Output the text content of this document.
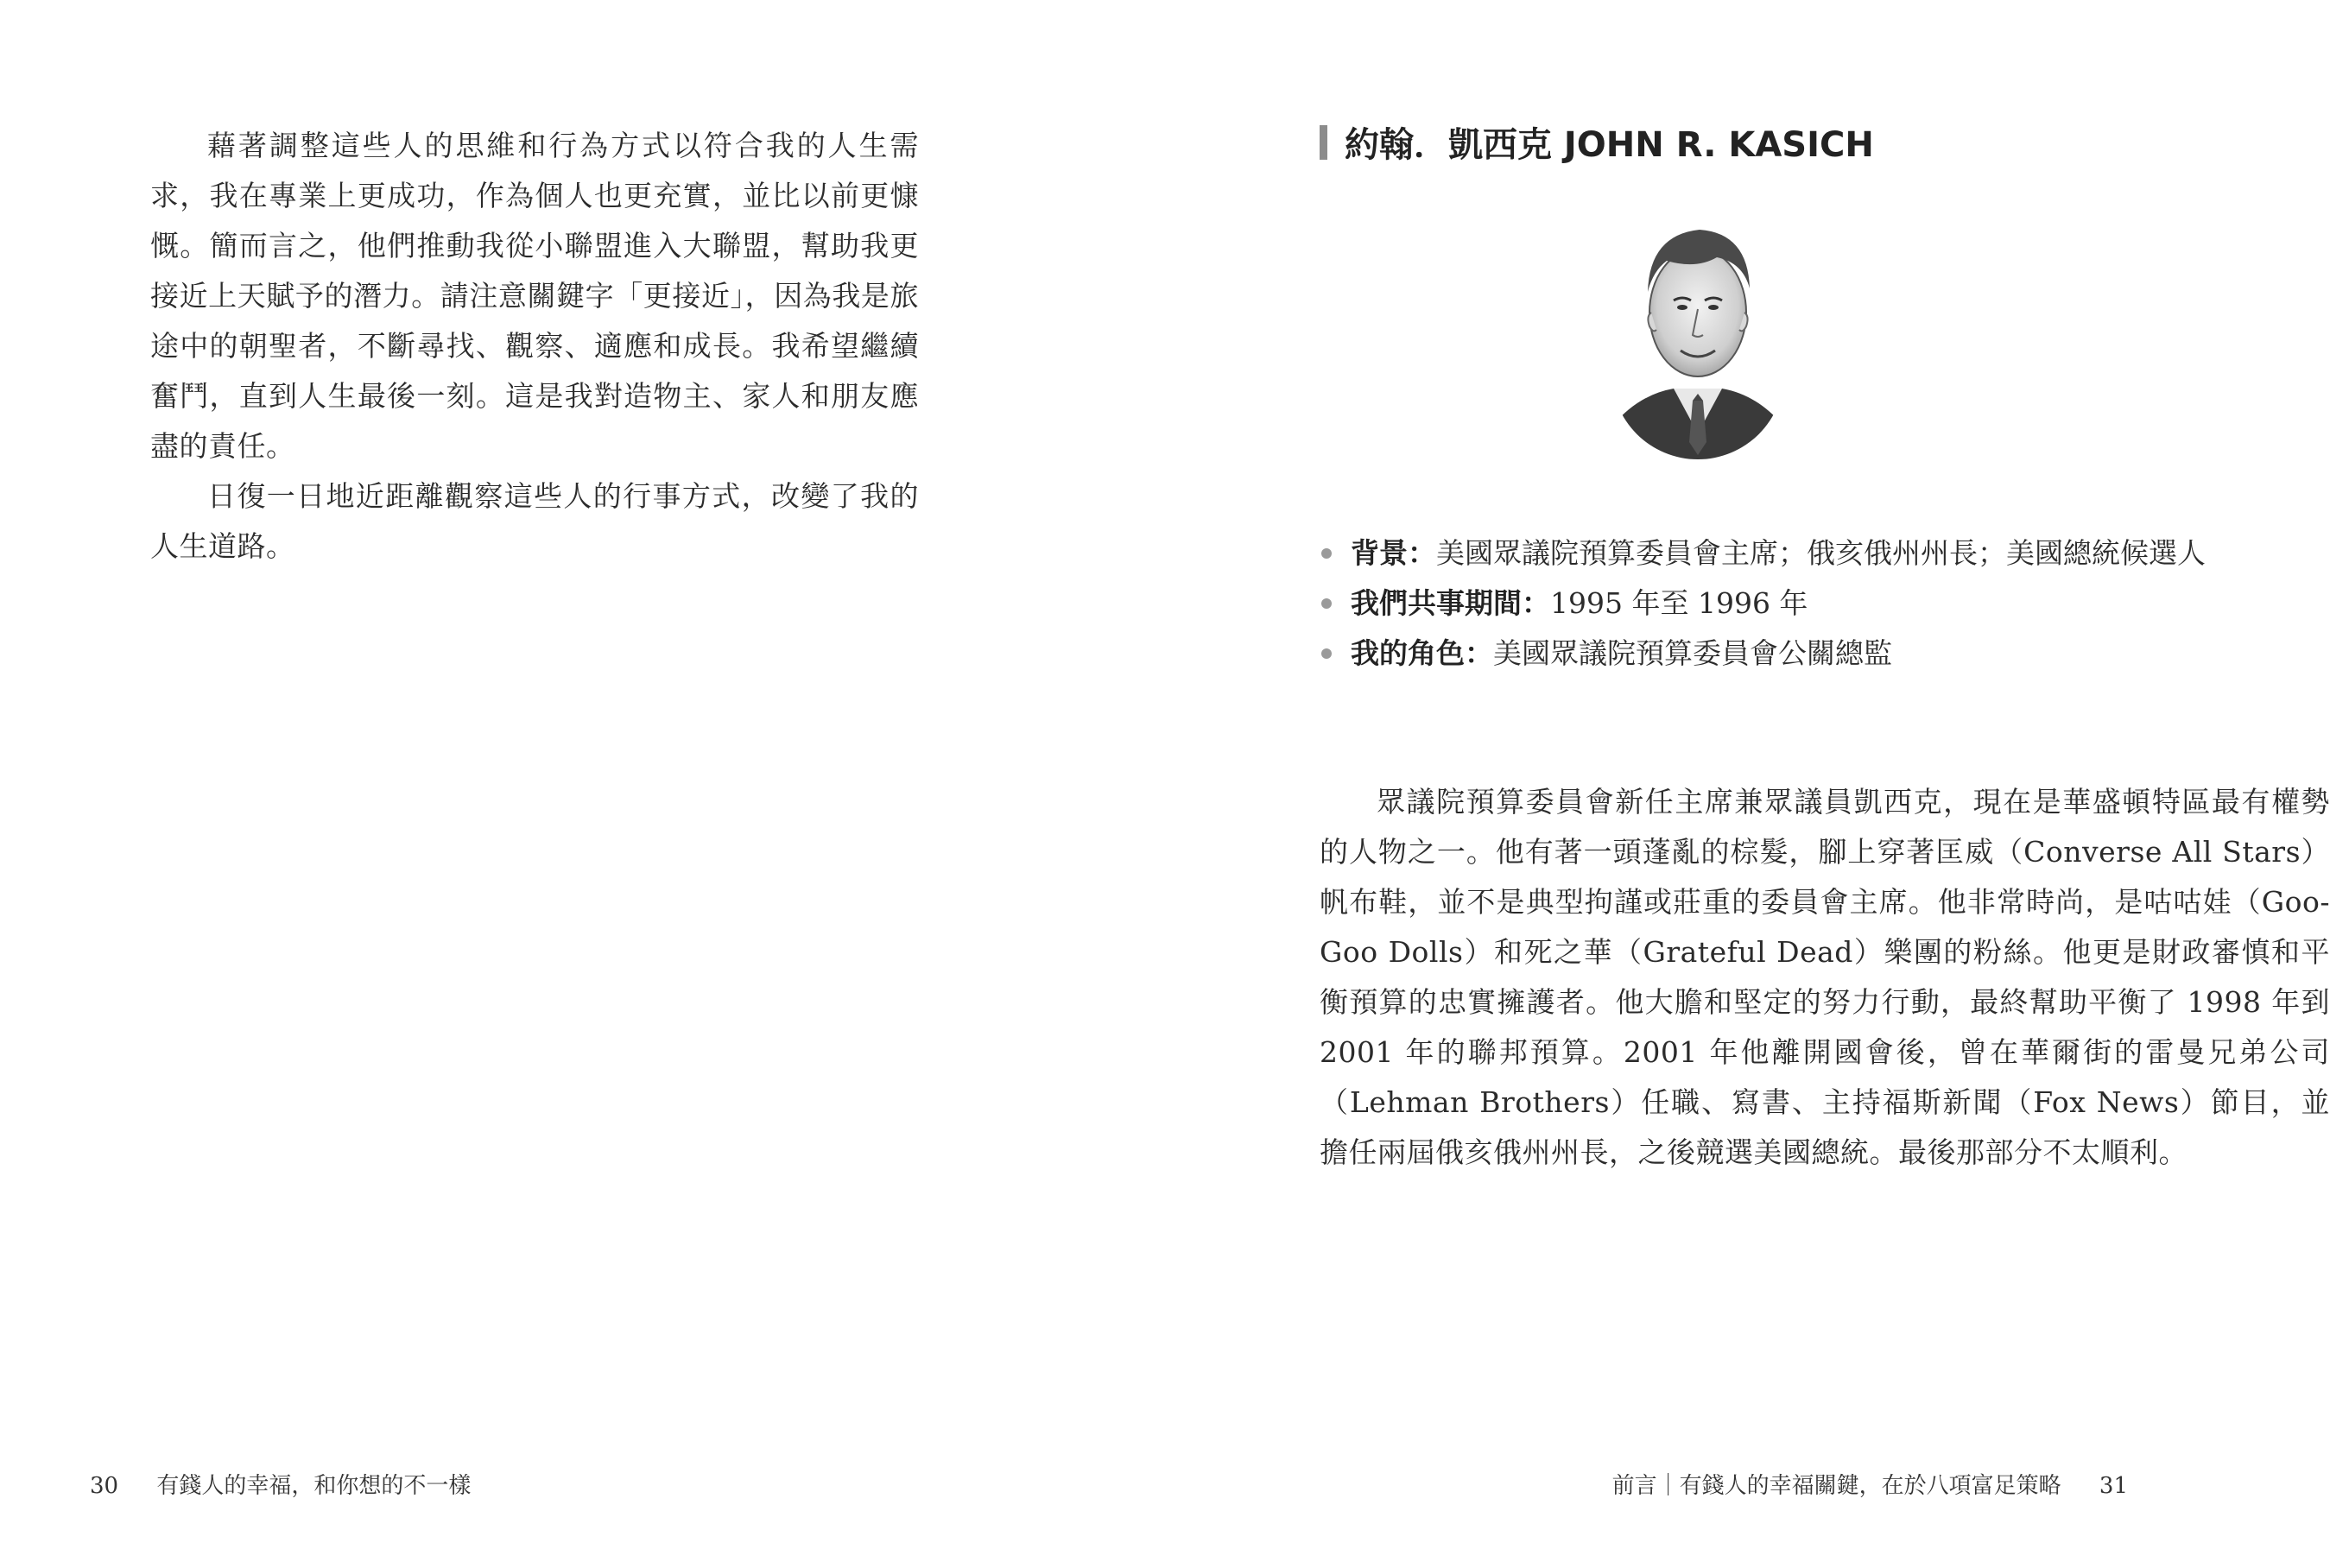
藉著調整這些人的思維和行為方式以符合我的人生需求，我在專業上更成功，作為個人也更充實，並比以前更慷慨。簡而言之，他們推動我從小聯盟進入大聯盟，幫助我更接近上天賦予的潛力。請注意關鍵字「更接近」，因為我是旅途中的朝聖者，不斷尋找、觀察、適應和成長。我希望繼續奮鬥，直到人生最後一刻。這是我對造物主、家人和朋友應盡的責任。

日復一日地近距離觀察這些人的行事方式，改變了我的人生道路。

30 有錢人的幸福，和你想的不一樣
約翰．凱西克 JOHN R. KASICH
背景：美國眾議院預算委員會主席；俄亥俄州州長；美國總統候選人
我們共事期間：1995 年至 1996 年
我的角色：美國眾議院預算委員會公關總監

眾議院預算委員會新任主席兼眾議員凱西克，現在是華盛頓特區最有權勢的人物之一。他有著一頭蓬亂的棕髮，腳上穿著匡威（Converse All Stars）帆布鞋，並不是典型拘謹或莊重的委員會主席。他非常時尚，是咕咕娃（Goo-Goo Dolls）和死之華（Grateful Dead）樂團的粉絲。他更是財政審慎和平衡預算的忠實擁護者。他大膽和堅定的努力行動，最終幫助平衡了 1998 年到 2001 年的聯邦預算。2001 年他離開國會後，曾在華爾街的雷曼兄弟公司（Lehman Brothers）任職、寫書、主持福斯新聞（Fox News）節目，並擔任兩屆俄亥俄州州長，之後競選美國總統。最後那部分不太順利。

前言｜有錢人的幸福關鍵，在於八項富足策略 31
